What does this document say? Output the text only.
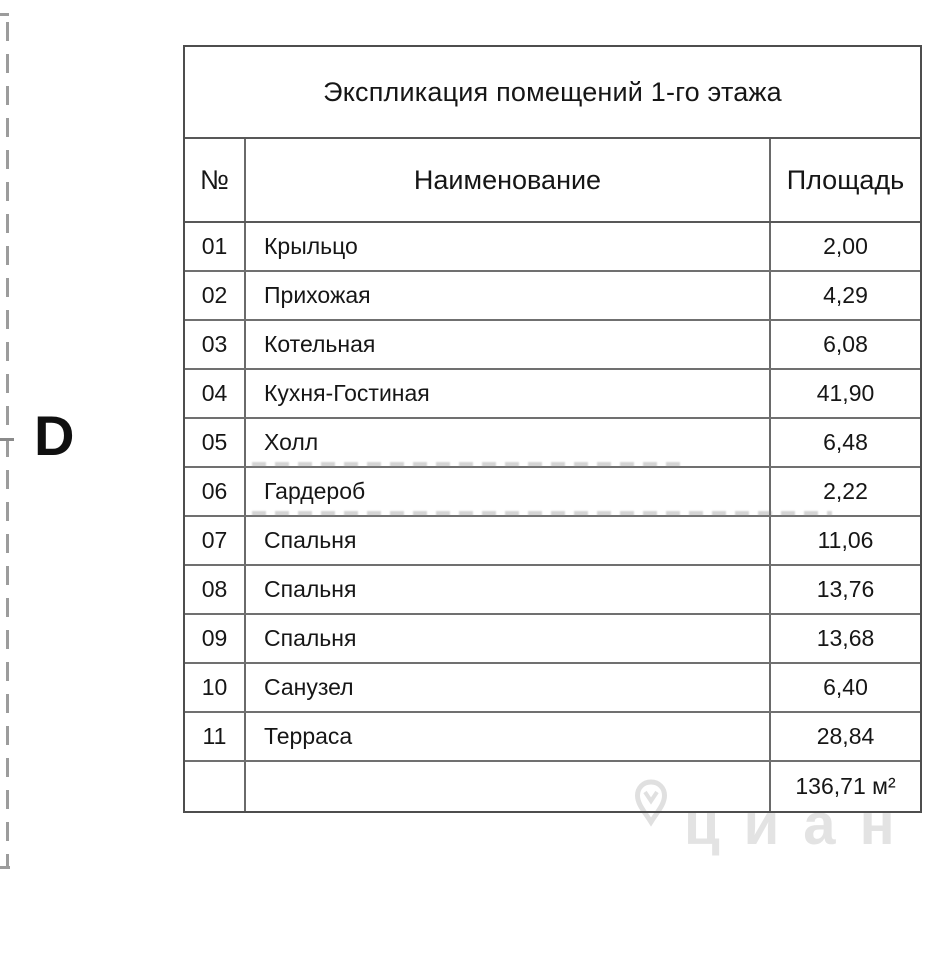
D
циан
Экспликация помещений 1-го этажа
№	Наименование	Площадь
01	Крыльцо	2,00
02	Прихожая	4,29
03	Котельная	6,08
04	Кухня-Гостиная	41,90
05	Холл	6,48
06	Гардероб	2,22
07	Спальня	11,06
08	Спальня	13,76
09	Спальня	13,68
10	Санузел	6,40
11	Терраса	28,84
136,71 м²
